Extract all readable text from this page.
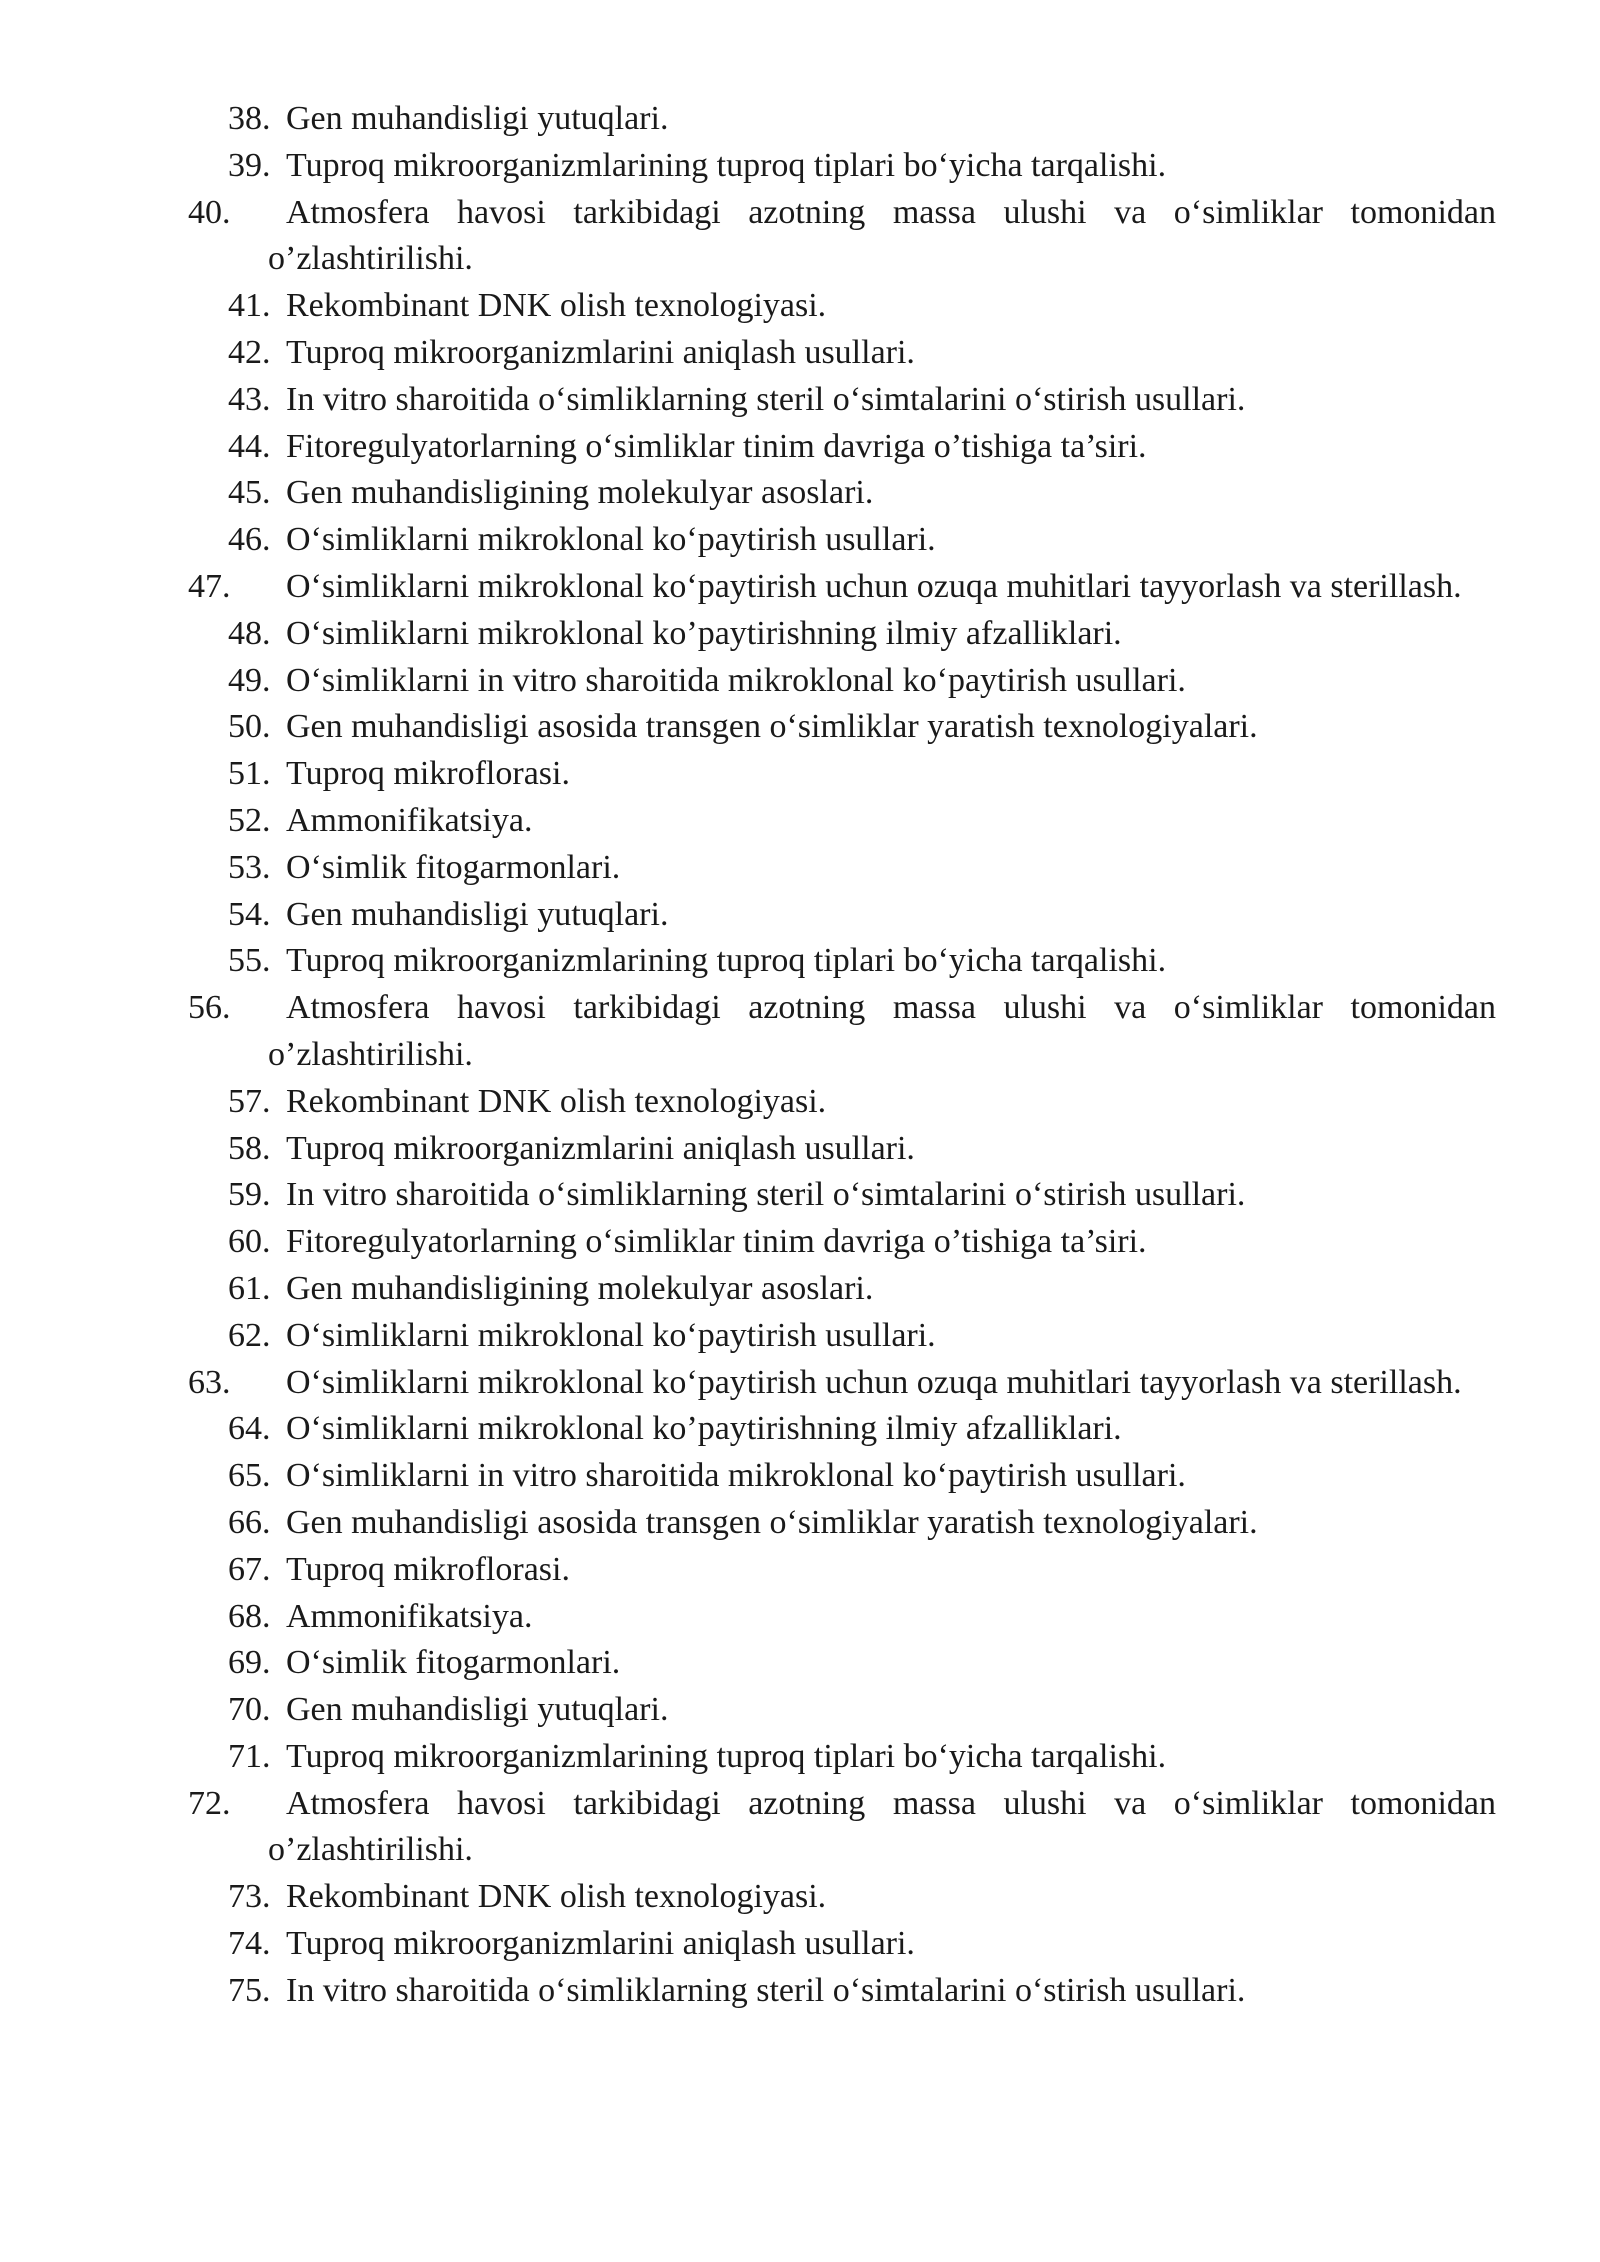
38. Gen muhandisligi yutuqlari.
39. Tuproq mikroorganizmlarining tuproq tiplari bo‘yicha tarqalishi.
40. Atmosfera havosi tarkibidagi azotning massa ulushi va o‘simliklar tomonidan o’zlashtirilishi.
41. Rekombinant DNK olish texnologiyasi.
42. Tuproq mikroorganizmlarini aniqlash usullari.
43. In vitro sharoitida o‘simliklarning steril o‘simtalarini o‘stirish usullari.
44. Fitoregulyatorlarning o‘simliklar tinim davriga o’tishiga ta’siri.
45. Gen muhandisligining molekulyar asoslari.
46. O‘simliklarni mikroklonal ko‘paytirish usullari.
47. O‘simliklarni mikroklonal ko‘paytirish uchun ozuqa muhitlari tayyorlash va sterillash.
48. O‘simliklarni mikroklonal ko’paytirishning ilmiy afzalliklari.
49. O‘simliklarni in vitro sharoitida mikroklonal ko‘paytirish usullari.
50. Gen muhandisligi asosida transgen o‘simliklar yaratish texnologiyalari.
51. Tuproq mikroflorasi.
52. Ammonifikatsiya.
53. O‘simlik fitogarmonlari.
54. Gen muhandisligi yutuqlari.
55. Tuproq mikroorganizmlarining tuproq tiplari bo‘yicha tarqalishi.
56. Atmosfera havosi tarkibidagi azotning massa ulushi va o‘simliklar tomonidan o’zlashtirilishi.
57. Rekombinant DNK olish texnologiyasi.
58. Tuproq mikroorganizmlarini aniqlash usullari.
59. In vitro sharoitida o‘simliklarning steril o‘simtalarini o‘stirish usullari.
60. Fitoregulyatorlarning o‘simliklar tinim davriga o’tishiga ta’siri.
61. Gen muhandisligining molekulyar asoslari.
62. O‘simliklarni mikroklonal ko‘paytirish usullari.
63. O‘simliklarni mikroklonal ko‘paytirish uchun ozuqa muhitlari tayyorlash va sterillash.
64. O‘simliklarni mikroklonal ko’paytirishning ilmiy afzalliklari.
65. O‘simliklarni in vitro sharoitida mikroklonal ko‘paytirish usullari.
66. Gen muhandisligi asosida transgen o‘simliklar yaratish texnologiyalari.
67. Tuproq mikroflorasi.
68. Ammonifikatsiya.
69. O‘simlik fitogarmonlari.
70. Gen muhandisligi yutuqlari.
71. Tuproq mikroorganizmlarining tuproq tiplari bo‘yicha tarqalishi.
72. Atmosfera havosi tarkibidagi azotning massa ulushi va o‘simliklar tomonidan o’zlashtirilishi.
73. Rekombinant DNK olish texnologiyasi.
74. Tuproq mikroorganizmlarini aniqlash usullari.
75. In vitro sharoitida o‘simliklarning steril o‘simtalarini o‘stirish usullari.
